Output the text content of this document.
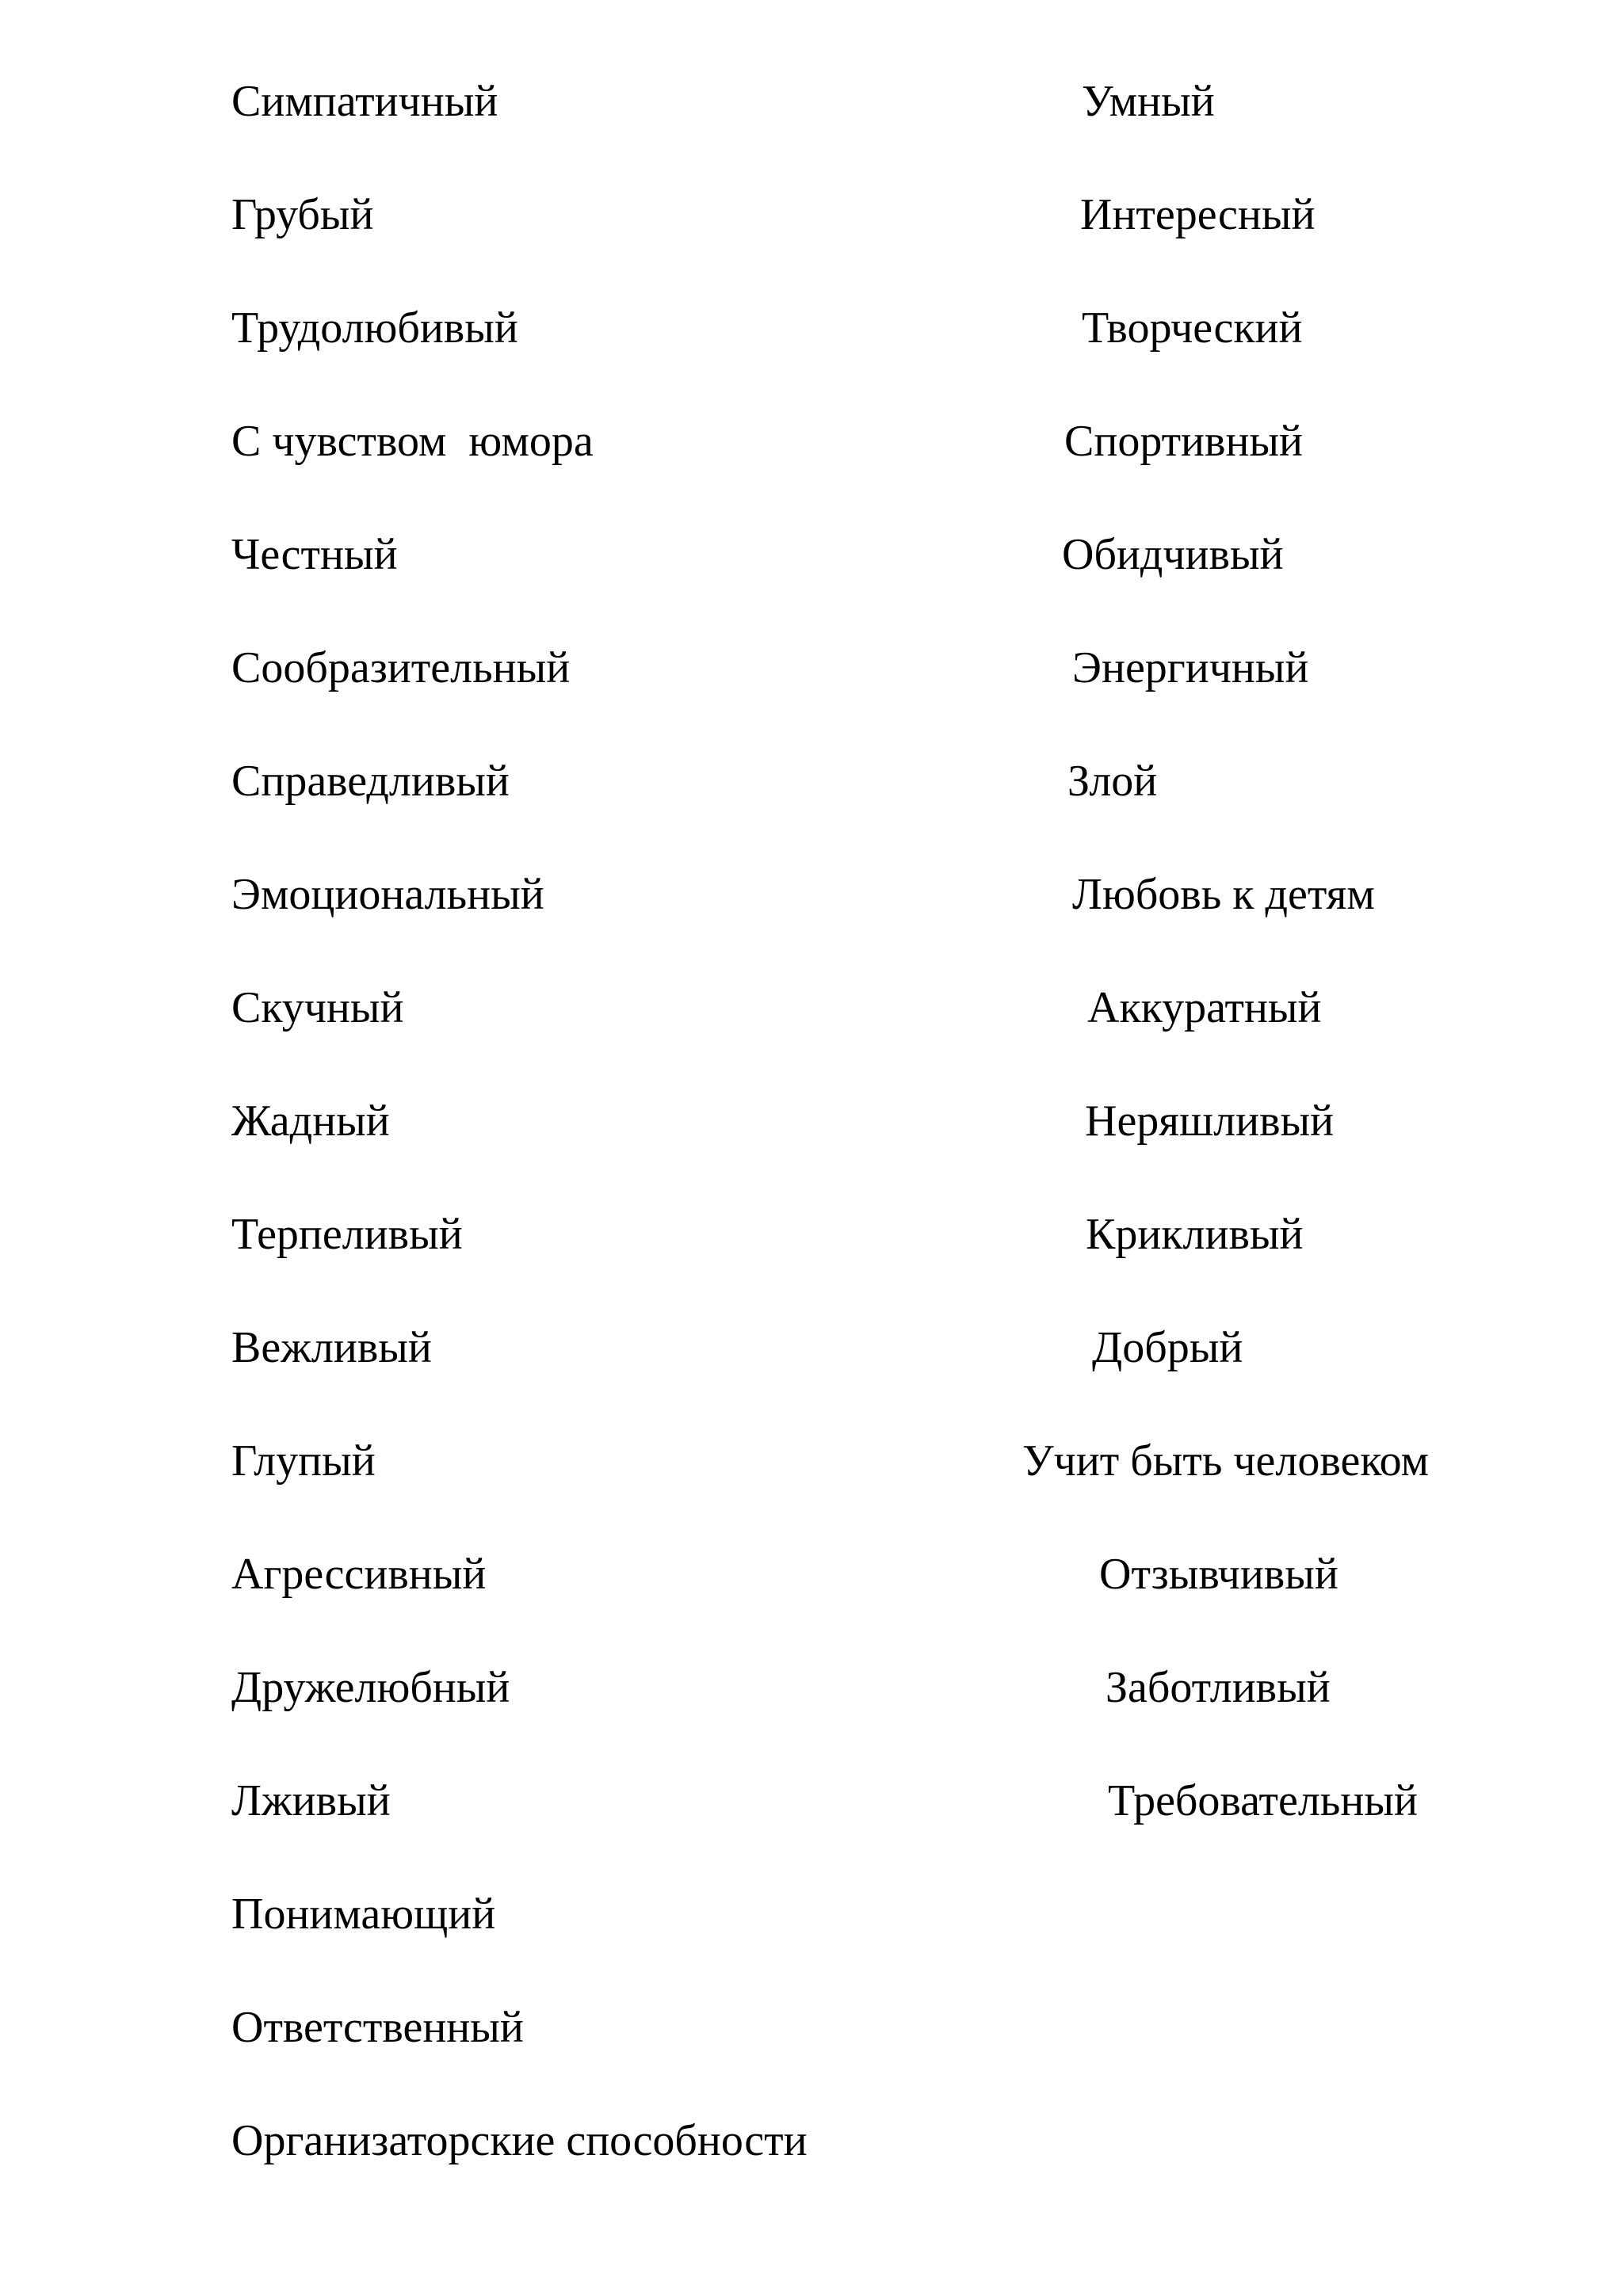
Симпатичный
Грубый
Трудолюбивый
С чувством  юмора
Честный
Сообразительный
Справедливый
Эмоциональный
Скучный
Жадный
Терпеливый
Вежливый
Глупый
Агрессивный
Дружелюбный
Лживый
Понимающий
Ответственный
Организаторские способности
Умный
Интересный
Творческий
Спортивный
Обидчивый
Энергичный
Злой
Любовь к детям
Аккуратный
Неряшливый
Крикливый
Добрый
Учит быть человеком
Отзывчивый
Заботливый
Требовательный
